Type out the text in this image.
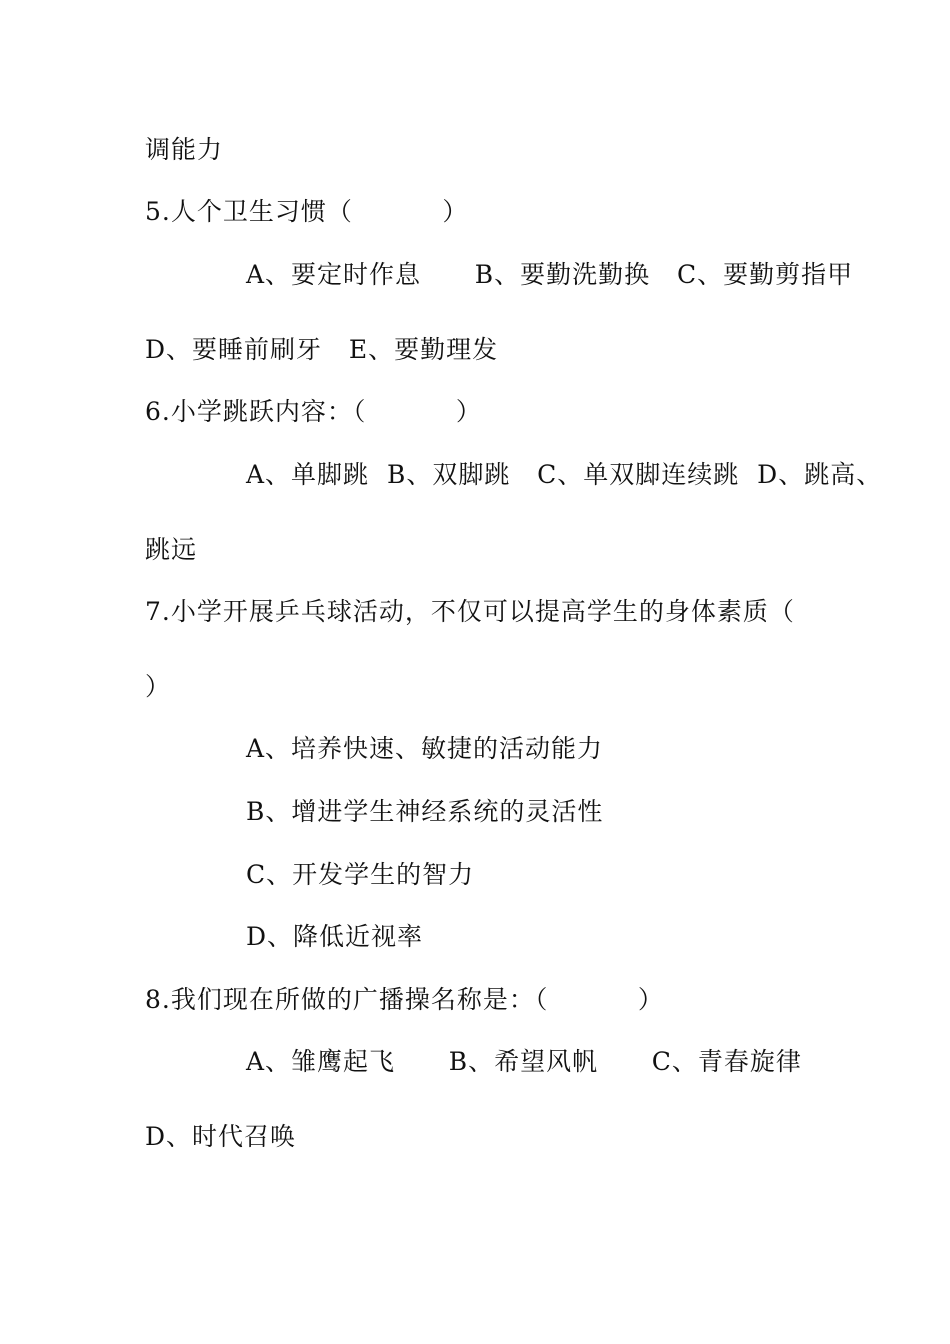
调能力
5.人个卫生习惯（          ）
A、要定时作息      B、要勤洗勤换   C、要勤剪指甲
D、要睡前刷牙   E、要勤理发
6.小学跳跃内容：（          ）
A、单脚跳  B、双脚跳   C、单双脚连续跳  D、跳高、
跳远
7.小学开展乒乓球活动，不仅可以提高学生的身体素质（
）
A、培养快速、敏捷的活动能力
B、增进学生神经系统的灵活性
C、开发学生的智力
D、降低近视率
8.我们现在所做的广播操名称是：（          ）
A、雏鹰起飞      B、希望风帆      C、青春旋律
D、时代召唤
